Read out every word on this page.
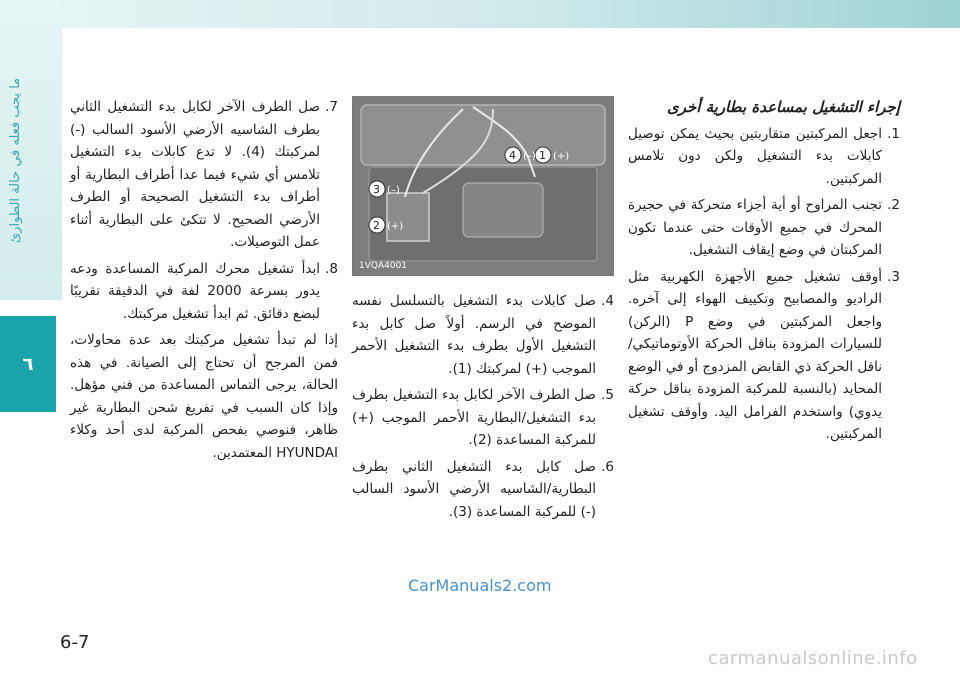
ما يجب فعله في حالة الطوارئ
٦
1
2
3
4	(+)
(+)
(–)
(–)
1VQA4001

إجراء التشغيل بمساعدة بطارية أخرى

1.
اجعل المركبتين متقاربتين بحيث يمكن توصيل كابلات بدء التشغيل ولكن دون تلامس المركبتين.
2.
تجنب المراوح أو أية أجزاء متحركة في حجيرة المحرك في جميع الأوقات حتى عندما تكون المركبتان في وضع إيقاف التشغيل.
3.
أوقف تشغيل جميع الأجهزة الكهربية مثل الراديو والمصابيح وتكييف الهواء إلى آخره. واجعل المركبتين في وضع P (الركن) للسيارات المزودة بناقل الحركة الأوتوماتيكي/ناقل الحركة ذي القابض المزدوج أو في الوضع المحايد (بالنسبة للمركبة المزودة بناقل حركة يدوي) واستخدم الفرامل اليد. وأوقف تشغيل المركبتين.
4.
صل كابلات بدء التشغيل بالتسلسل نفسه الموضح في الرسم. أولاً صل كابل بدء التشغيل الأول بطرف بدء التشغيل الأحمر الموجب (+) لمركبتك (1).
5.
صل الطرف الآخر لكابل بدء التشغيل بطرف بدء التشغيل/البطارية الأحمر الموجب (+) للمركبة المساعدة (2).
6.
صل كابل بدء التشغيل الثاني بطرف البطارية/الشاسيه الأرضي الأسود السالب (-) للمركبة المساعدة (3).
7.
صل الطرف الآخر لكابل بدء التشغيل الثاني بطرف الشاسيه الأرضي الأسود السالب (-) لمركبتك (4). لا تدع كابلات بدء التشغيل تلامس أي شيء فيما عدا أطراف البطارية أو أطراف بدء التشغيل الصحيحة أو الطرف الأرضي الصحيح. لا تتكئ على البطارية أثناء عمل التوصيلات.
8.
ابدأ تشغيل محرك المركبة المساعدة ودعه يدور بسرعة 2000 لفة في الدقيقة تقريبًا لبضع دقائق. ثم ابدأ تشغيل مركبتك.
إذا لم تبدأ تشغيل مركبتك بعد عدة محاولات، فمن المرجح أن تحتاج إلى الصيانة. في هذه الحالة، يرجى التماس المساعدة من فني مؤهل. وإذا كان السبب في تفريغ شحن البطارية غير ظاهر، فنوصي بفحص المركبة لدى أحد وكلاء HYUNDAI المعتمدين.
CarManuals2.com
6-7
carmanualsonline.info
